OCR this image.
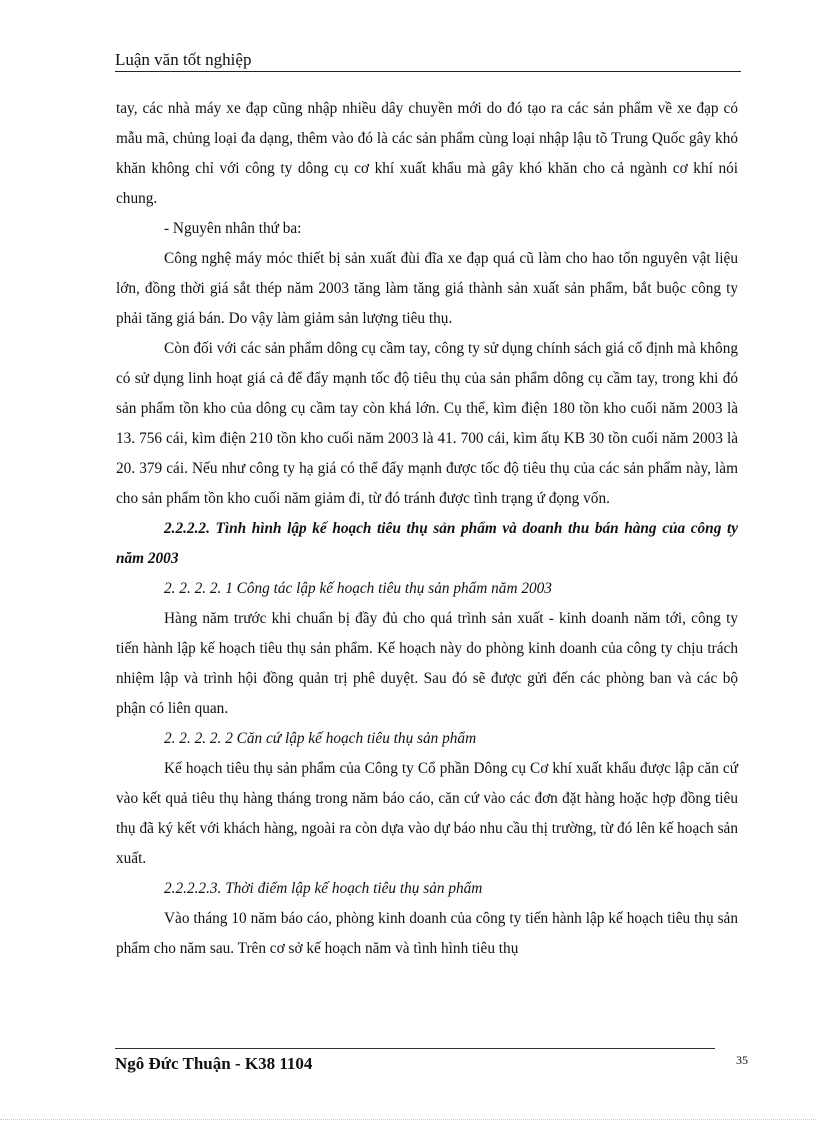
Luận văn tốt nghiệp

tay, các nhà máy xe đạp cũng nhập nhiều dây chuyền mới do đó tạo ra các sản phẩm về xe đạp có mẫu mã, chủng loại đa dạng, thêm vào đó là các sản phẩm cùng loại nhập lậu tõ Trung Quốc gây khó khăn không chỉ với công ty dông cụ cơ khí xuất khẩu mà gây khó khăn cho cả ngành cơ khí nói chung.

- Nguyên nhân thứ ba:

Công nghệ máy móc thiết bị sản xuất đùi đĩa xe đạp quá cũ làm cho hao tổn nguyên vật liệu lớn, đồng thời giá sắt thép năm 2003 tăng làm tăng giá thành sản xuất sản phẩm, bắt buộc công ty phải tăng giá bán. Do vậy làm giảm sản lượng tiêu thụ.

Còn đối với các sản phẩm dông cụ cầm tay, công ty sử dụng chính sách giá cố định mà không có sử dụng linh hoạt giá cả để đẩy mạnh tốc độ tiêu thụ của sản phẩm dông cụ cầm tay, trong khi đó sản phẩm tồn kho của dông cụ cầm tay còn khá lớn. Cụ thể, kìm điện 180 tồn kho cuối năm 2003 là 13. 756 cái, kìm điện 210 tồn kho cuối năm 2003 là 41. 700 cái, kìm ấtụ KB 30 tồn cuối năm 2003 là 20. 379 cái. Nếu như công ty hạ giá có thể đẩy mạnh được tốc độ tiêu thụ của các sản phẩm này, làm cho sản phẩm tồn kho cuối năm giảm đi, từ đó tránh được tình trạng ứ đọng vốn.

2.2.2.2. Tình hình lập kế hoạch tiêu thụ sản phẩm và doanh thu bán hàng của công ty năm 2003

2. 2. 2. 2. 1 Công tác lập kế hoạch tiêu thụ sản phẩm năm 2003

Hàng năm trước khi chuẩn bị đầy đủ cho quá trình sản xuất - kinh doanh năm tới, công ty tiến hành lập kế hoạch tiêu thụ sản phẩm. Kế hoạch này do phòng kinh doanh của công ty chịu trách nhiệm lập và trình hội đồng quản trị phê duyệt. Sau đó sẽ được gửi đến các phòng ban và các bộ phận có liên quan.

2. 2. 2. 2. 2 Căn cứ lập kế hoạch tiêu thụ sản phẩm

Kế hoạch tiêu thụ sản phẩm của Công ty Cổ phần Dông cụ Cơ khí xuất khẩu được lập căn cứ vào kết quả tiêu thụ hàng tháng trong năm báo cáo, căn cứ vào các đơn đặt hàng hoặc hợp đồng tiêu thụ đã ký kết với khách hàng, ngoài ra còn dựa vào dự báo nhu cầu thị trường, từ đó lên kế hoạch sản xuất.

2.2.2.2.3. Thời điểm lập kế hoạch tiêu thụ sản phẩm

Vào tháng 10 năm báo cáo, phòng kinh doanh của công ty tiến hành lập kế hoạch tiêu thụ sản phẩm cho năm sau. Trên cơ sở kế hoạch năm và tình hình tiêu thụ

Ngô Đức Thuận - K38 1104	35
